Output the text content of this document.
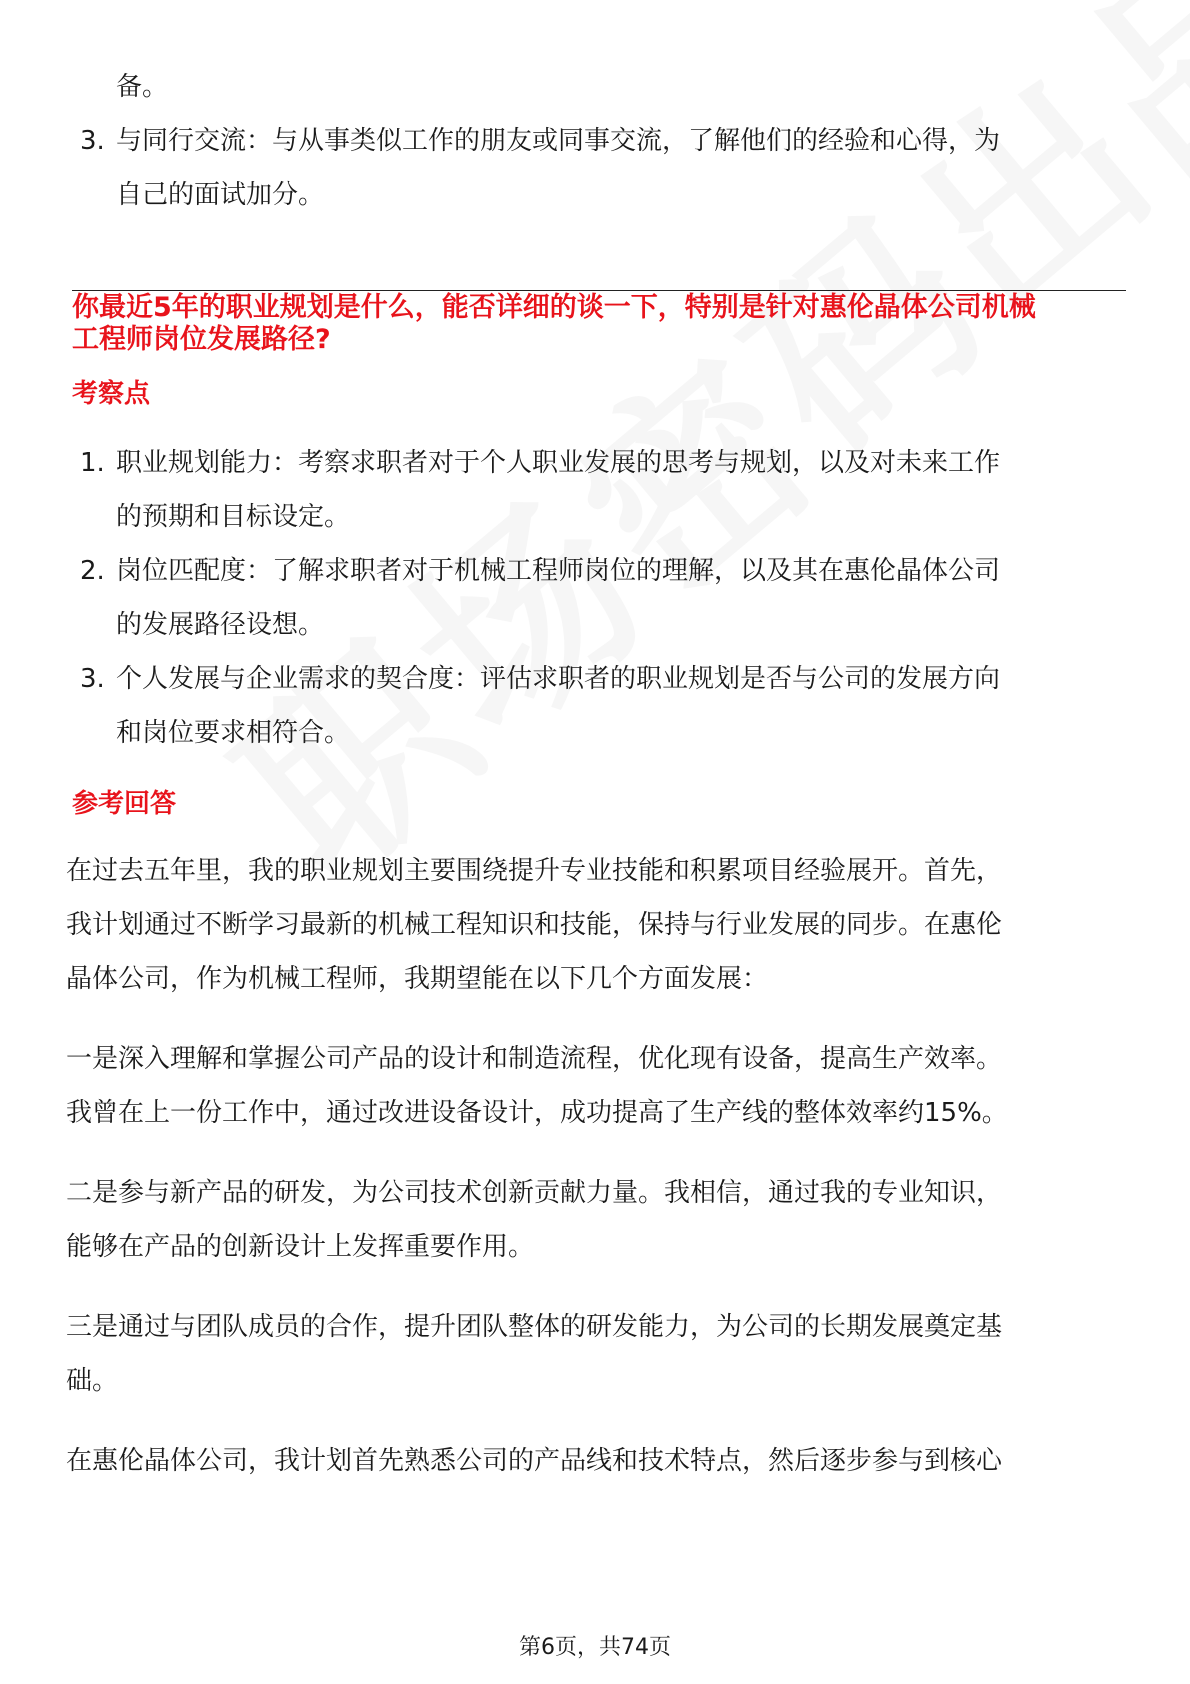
备。
3. 与同行交流：与从事类似工作的朋友或同事交流，了解他们的经验和心得，为
自己的面试加分。
你最近5年的职业规划是什么，能否详细的谈一下，特别是针对惠伦晶体公司机械
工程师岗位发展路径?
考察点
1. 职业规划能力：考察求职者对于个人职业发展的思考与规划，以及对未来工作
的预期和目标设定。
2. 岗位匹配度：了解求职者对于机械工程师岗位的理解，以及其在惠伦晶体公司
的发展路径设想。
3. 个人发展与企业需求的契合度：评估求职者的职业规划是否与公司的发展方向
和岗位要求相符合。
参考回答
在过去五年里，我的职业规划主要围绕提升专业技能和积累项目经验展开。首先，
我计划通过不断学习最新的机械工程知识和技能，保持与行业发展的同步。在惠伦
晶体公司，作为机械工程师，我期望能在以下几个方面发展：
一是深入理解和掌握公司产品的设计和制造流程，优化现有设备，提高生产效率。
我曾在上一份工作中，通过改进设备设计，成功提高了生产线的整体效率约15%。
二是参与新产品的研发，为公司技术创新贡献力量。我相信，通过我的专业知识，
能够在产品的创新设计上发挥重要作用。
三是通过与团队成员的合作，提升团队整体的研发能力，为公司的长期发展奠定基
础。
在惠伦晶体公司，我计划首先熟悉公司的产品线和技术特点，然后逐步参与到核心
第6页，共74页
